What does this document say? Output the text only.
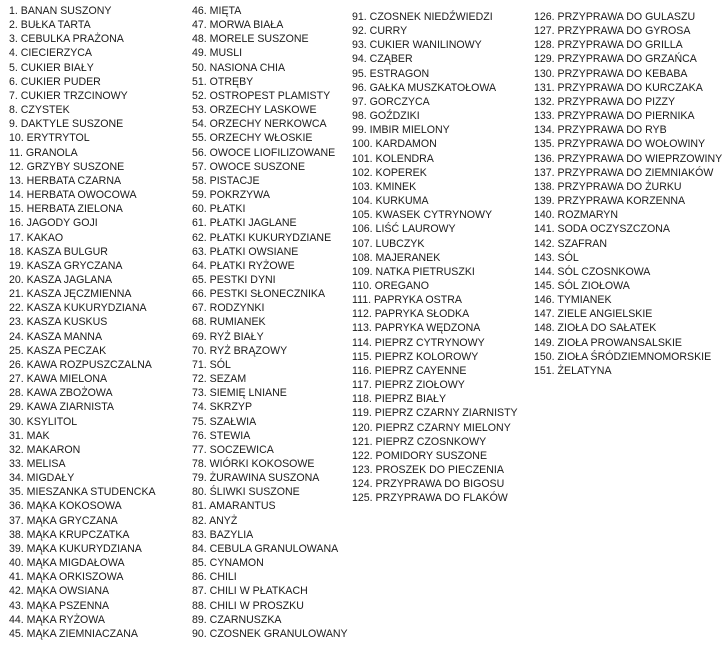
1. BANAN SUSZONY
2. BUŁKA TARTA
3. CEBULKA PRAŻONA
4. CIECIERZYCA
5. CUKIER BIAŁY
6. CUKIER PUDER
7. CUKIER TRZCINOWY
8. CZYSTEK
9. DAKTYLE SUSZONE
10. ERYTRYTOL
11. GRANOLA
12. GRZYBY SUSZONE
13. HERBATA CZARNA
14. HERBATA OWOCOWA
15. HERBATA ZIELONA
16. JAGODY GOJI
17. KAKAO
18. KASZA BULGUR
19. KASZA GRYCZANA
20. KASZA JAGLANA
21. KASZA JĘCZMIENNA
22. KASZA KUKURYDZIANA
23. KASZA KUSKUS
24. KASZA MANNA
25. KASZA PECZAK
26. KAWA ROZPUSZCZALNA
27. KAWA MIELONA
28. KAWA ZBOŻOWA
29. KAWA ZIARNISTA
30. KSYLITOL
31. MAK
32. MAKARON
33. MELISA
34. MIGDAŁY
35. MIESZANKA STUDENCKA
36. MĄKA KOKOSOWA
37. MĄKA GRYCZANA
38. MĄKA KRUPCZATKA
39. MĄKA KUKURYDZIANA
40. MĄKA MIGDAŁOWA
41. MĄKA ORKISZOWA
42. MĄKA OWSIANA
43. MĄKA PSZENNA
44. MĄKA RYŻOWA
45. MĄKA ZIEMNIACZANA
46. MIĘTA
47. MORWA BIAŁA
48. MORELE SUSZONE
49. MUSLI
50. NASIONA CHIA
51. OTRĘBY
52. OSTROPEST PLAMISTY
53. ORZECHY LASKOWE
54. ORZECHY NERKOWCA
55. ORZECHY WŁOSKIE
56. OWOCE LIOFILIZOWANE
57. OWOCE SUSZONE
58. PISTACJE
59. POKRZYWA
60. PŁATKI
61. PŁATKI JAGLANE
62. PŁATKI KUKURYDZIANE
63. PŁATKI OWSIANE
64. PŁATKI RYŻOWE
65. PESTKI DYNI
66. PESTKI SŁONECZNIKA
67. RODZYNKI
68. RUMIANEK
69. RYŻ BIAŁY
70. RYŻ BRĄZOWY
71. SÓL
72. SEZAM
73. SIEMIĘ LNIANE
74. SKRZYP
75. SZAŁWIA
76. STEWIA
77. SOCZEWICA
78. WIÓRKI KOKOSOWE
79. ŻURAWINA SUSZONA
80. ŚLIWKI SUSZONE
81. AMARANTUS
82. ANYŻ
83. BAZYLIA
84. CEBULA GRANULOWANA
85. CYNAMON
86. CHILI
87. CHILI W PŁATKACH
88. CHILI W PROSZKU
89. CZARNUSZKA
90. CZOSNEK GRANULOWANY
91. CZOSNEK NIEDŹWIEDZI
92. CURRY
93. CUKIER WANILINOWY
94. CZĄBER
95. ESTRAGON
96. GAŁKA MUSZKATOŁOWA
97. GORCZYCA
98. GOŹDZIKI
99. IMBIR MIELONY
100. KARDAMON
101. KOLENDRA
102. KOPEREK
103. KMINEK
104. KURKUMA
105. KWASEK CYTRYNOWY
106. LIŚĆ LAUROWY
107. LUBCZYK
108. MAJERANEK
109. NATKA PIETRUSZKI
110. OREGANO
111. PAPRYKA OSTRA
112. PAPRYKA SŁODKA
113. PAPRYKA WĘDZONA
114. PIEPRZ CYTRYNOWY
115. PIEPRZ KOLOROWY
116. PIEPRZ CAYENNE
117. PIEPRZ ZIOŁOWY
118. PIEPRZ BIAŁY
119. PIEPRZ CZARNY ZIARNISTY
120. PIEPRZ CZARNY MIELONY
121. PIEPRZ CZOSNKOWY
122. POMIDORY SUSZONE
123. PROSZEK DO PIECZENIA
124. PRZYPRAWA DO BIGOSU
125. PRZYPRAWA DO FLAKÓW
126. PRZYPRAWA DO GULASZU
127. PRZYPRAWA DO GYROSA
128. PRZYPRAWA DO GRILLA
129. PRZYPRAWA DO GRZAŃCA
130. PRZYPRAWA DO KEBABA
131. PRZYPRAWA DO KURCZAKA
132. PRZYPRAWA DO PIZZY
133. PRZYPRAWA DO PIERNIKA
134. PRZYPRAWA DO RYB
135. PRZYPRAWA DO WOŁOWINY
136. PRZYPRAWA DO WIEPRZOWINY
137. PRZYPRAWA DO ZIEMNIAKÓW
138. PRZYPRAWA DO ŻURKU
139. PRZYPRAWA KORZENNA
140. ROZMARYN
141. SODA OCZYSZCZONA
142. SZAFRAN
143. SÓL
144. SÓL CZOSNKOWA
145. SÓL ZIOŁOWA
146. TYMIANEK
147. ZIELE ANGIELSKIE
148. ZIOŁA DO SAŁATEK
149. ZIOŁA PROWANSALSKIE
150. ZIOŁA ŚRÓDZIEMNOMORSKIE
151. ŻELATYNA
